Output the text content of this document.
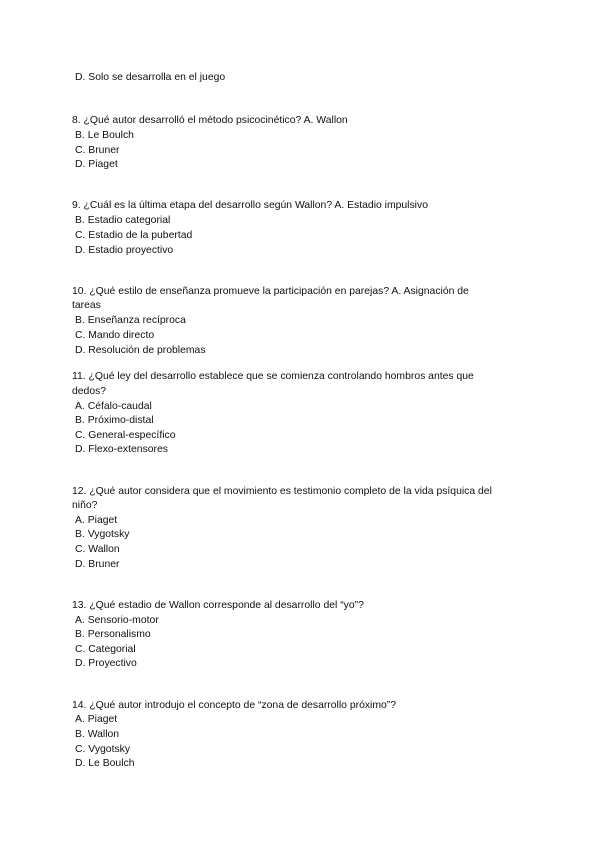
D. Solo se desarrolla en el juego
8. ¿Qué autor desarrolló el método psicocinético? A. Wallon
B. Le Boulch
C. Bruner
D. Piaget
9. ¿Cuál es la última etapa del desarrollo según Wallon? A. Estadio impulsivo
B. Estadio categorial
C. Estadio de la pubertad
D. Estadio proyectivo
10. ¿Qué estilo de enseñanza promueve la participación en parejas? A. Asignación de
tareas
B. Enseñanza recíproca
C. Mando directo
D. Resolución de problemas
11. ¿Qué ley del desarrollo establece que se comienza controlando hombros antes que
dedos?
A. Céfalo-caudal
B. Próximo-distal
C. General-específico
D. Flexo-extensores
12. ¿Qué autor considera que el movimiento es testimonio completo de la vida psíquica del
niño?
A. Piaget
B. Vygotsky
C. Wallon
D. Bruner
13. ¿Qué estadio de Wallon corresponde al desarrollo del “yo”?
A. Sensorio-motor
B. Personalismo
C. Categorial
D. Proyectivo
14. ¿Qué autor introdujo el concepto de “zona de desarrollo próximo”?
A. Piaget
B. Wallon
C. Vygotsky
D. Le Boulch
